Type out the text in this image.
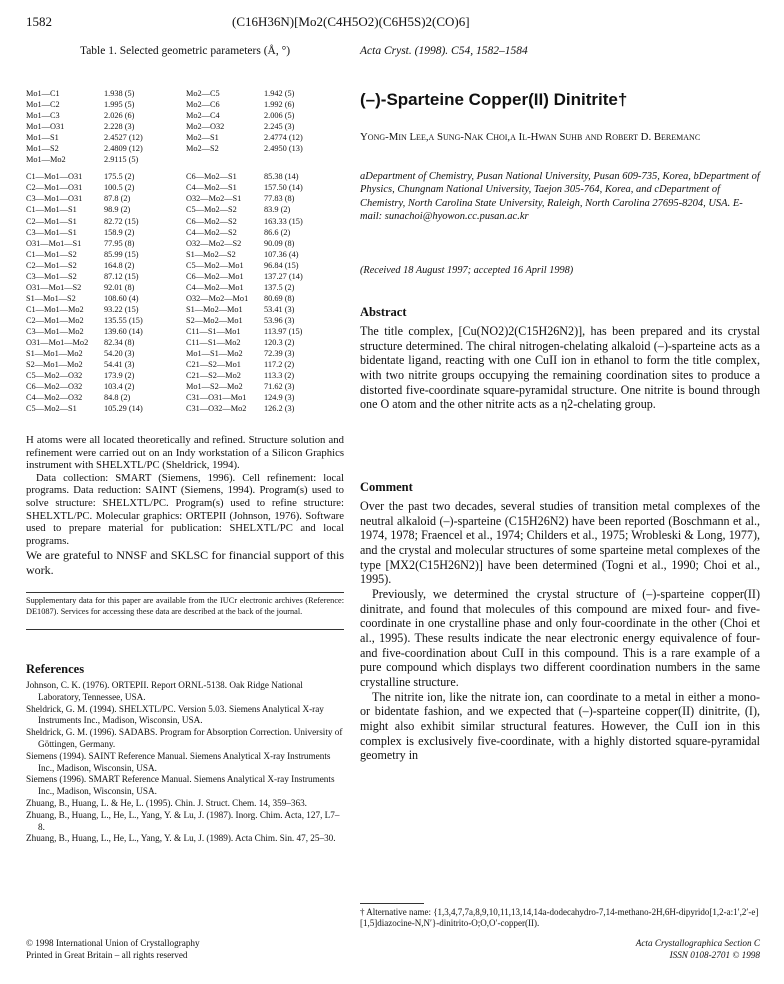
1582	(C16H36N)[Mo2(C4H5O2)(C6H5S)2(CO)6]
Table 1. Selected geometric parameters (Å, °)
Mo1—C1	1.938 (5)	Mo2—C5	1.942 (5)
Mo1—C2	1.995 (5)	Mo2—C6	1.992 (6)
Mo1—C3	2.026 (6)	Mo2—C4	2.006 (5)
Mo1—O31	2.228 (3)	Mo2—O32	2.245 (3)
Mo1—S1	2.4527 (12)	Mo2—S1	2.4774 (12)
Mo1—S2	2.4809 (12)	Mo2—S2	2.4950 (13)
Mo1—Mo2	2.9115 (5)		

C1—Mo1—O31	175.5 (2)	C6—Mo2—S1	85.38 (14)
C2—Mo1—O31	100.5 (2)	C4—Mo2—S1	157.50 (14)
C3—Mo1—O31	87.8 (2)	O32—Mo2—S1	77.83 (8)
C1—Mo1—S1	98.9 (2)	C5—Mo2—S2	83.9 (2)
C2—Mo1—S1	82.72 (15)	C6—Mo2—S2	163.33 (15)
C3—Mo1—S1	158.9 (2)	C4—Mo2—S2	86.6 (2)
O31—Mo1—S1	77.95 (8)	O32—Mo2—S2	90.09 (8)
C1—Mo1—S2	85.99 (15)	S1—Mo2—S2	107.36 (4)
C2—Mo1—S2	164.8 (2)	C5—Mo2—Mo1	96.84 (15)
C3—Mo1—S2	87.12 (15)	C6—Mo2—Mo1	137.27 (14)
O31—Mo1—S2	92.01 (8)	C4—Mo2—Mo1	137.5 (2)
S1—Mo1—S2	108.60 (4)	O32—Mo2—Mo1	80.69 (8)
C1—Mo1—Mo2	93.22 (15)	S1—Mo2—Mo1	53.41 (3)
C2—Mo1—Mo2	135.55 (15)	S2—Mo2—Mo1	53.96 (3)
C3—Mo1—Mo2	139.60 (14)	C11—S1—Mo1	113.97 (15)
O31—Mo1—Mo2	82.34 (8)	C11—S1—Mo2	120.3 (2)
S1—Mo1—Mo2	54.20 (3)	Mo1—S1—Mo2	72.39 (3)
S2—Mo1—Mo2	54.41 (3)	C21—S2—Mo1	117.2 (2)
C5—Mo2—O32	173.9 (2)	C21—S2—Mo2	113.3 (2)
C6—Mo2—O32	103.4 (2)	Mo1—S2—Mo2	71.62 (3)
C4—Mo2—O32	84.8 (2)	C31—O31—Mo1	124.9 (3)
C5—Mo2—S1	105.29 (14)	C31—O32—Mo2	126.2 (3)

H atoms were all located theoretically and refined. Structure solution and refinement were carried out on an Indy workstation of a Silicon Graphics instrument with SHELXTL/PC (Sheldrick, 1994).

Data collection: SMART (Siemens, 1996). Cell refinement: local programs. Data reduction: SAINT (Siemens, 1994). Program(s) used to solve structure: SHELXTL/PC. Program(s) used to refine structure: SHELXTL/PC. Molecular graphics: ORTEPII (Johnson, 1976). Software used to prepare material for publication: SHELXTL/PC and local programs.

We are grateful to NNSF and SKLSC for financial support of this work.
Supplementary data for this paper are available from the IUCr electronic archives (Reference: DE1087). Services for accessing these data are described at the back of the journal.
References

Johnson, C. K. (1976). ORTEPII. Report ORNL-5138. Oak Ridge National Laboratory, Tennessee, USA.

Sheldrick, G. M. (1994). SHELXTL/PC. Version 5.03. Siemens Analytical X-ray Instruments Inc., Madison, Wisconsin, USA.

Sheldrick, G. M. (1996). SADABS. Program for Absorption Correction. University of Göttingen, Germany.

Siemens (1994). SAINT Reference Manual. Siemens Analytical X-ray Instruments Inc., Madison, Wisconsin, USA.

Siemens (1996). SMART Reference Manual. Siemens Analytical X-ray Instruments Inc., Madison, Wisconsin, USA.

Zhuang, B., Huang, L. & He, L. (1995). Chin. J. Struct. Chem. 14, 359–363.

Zhuang, B., Huang, L., He, L., Yang, Y. & Lu, J. (1987). Inorg. Chim. Acta, 127, L7–8.

Zhuang, B., Huang, L., He, L., Yang, Y. & Lu, J. (1989). Acta Chim. Sin. 47, 25–30.

© 1998 International Union of Crystallography
Printed in Great Britain – all rights reserved
Acta Cryst. (1998). C54, 1582–1584
(–)-Sparteine Copper(II) Dinitrite†
Yong-Min Lee,a Sung-Nak Choi,a Il-Hwan Suhb and Robert D. Beremanc
aDepartment of Chemistry, Pusan National University, Pusan 609-735, Korea, bDepartment of Physics, Chungnam National University, Taejon 305-764, Korea, and cDepartment of Chemistry, North Carolina State University, Raleigh, North Carolina 27695-8204, USA. E-mail: sunachoi@hyowon.cc.pusan.ac.kr
(Received 18 August 1997; accepted 16 April 1998)
Abstract
The title complex, [Cu(NO2)2(C15H26N2)], has been prepared and its crystal structure determined. The chiral nitrogen-chelating alkaloid (–)-sparteine acts as a bidentate ligand, reacting with one CuII ion in ethanol to form the title complex, with two nitrite groups occupying the remaining coordination sites to produce a distorted five-coordinate square-pyramidal structure. One nitrite is bound through one O atom and the other nitrite acts as a η2-chelating group.
Comment

Over the past two decades, several studies of transition metal complexes of the neutral alkaloid (–)-sparteine (C15H26N2) have been reported (Boschmann et al., 1974, 1978; Fraencel et al., 1974; Childers et al., 1975; Wrobleski & Long, 1977), and the crystal and molecular structures of some sparteine metal complexes of the type [MX2(C15H26N2)] have been determined (Togni et al., 1990; Choi et al., 1995).

Previously, we determined the crystal structure of (–)-sparteine copper(II) dinitrate, and found that molecules of this compound are mixed four- and five-coordinate in one crystalline phase and only four-coordinate in the other (Choi et al., 1995). These results indicate the near electronic energy equivalence of four- and five-coordination about CuII in this compound. This is a rare example of a pure compound which displays two different coordination numbers in the same crystalline structure.

The nitrite ion, like the nitrate ion, can coordinate to a metal in either a mono- or bidentate fashion, and we expected that (–)-sparteine copper(II) dinitrite, (I), might also exhibit similar structural features. However, the CuII ion in this complex is exclusively five-coordinate, with a highly distorted square-pyramidal geometry in

† Alternative name: {1,3,4,7,7a,8,9,10,11,13,14,14a-dodecahydro-7,14-methano-2H,6H-dipyrido[1,2-a:1′,2′-e][1,5]diazocine-N,N′}-dinitrito-O;O,O′-copper(II).
Acta Crystallographica Section C
ISSN 0108-2701 © 1998
